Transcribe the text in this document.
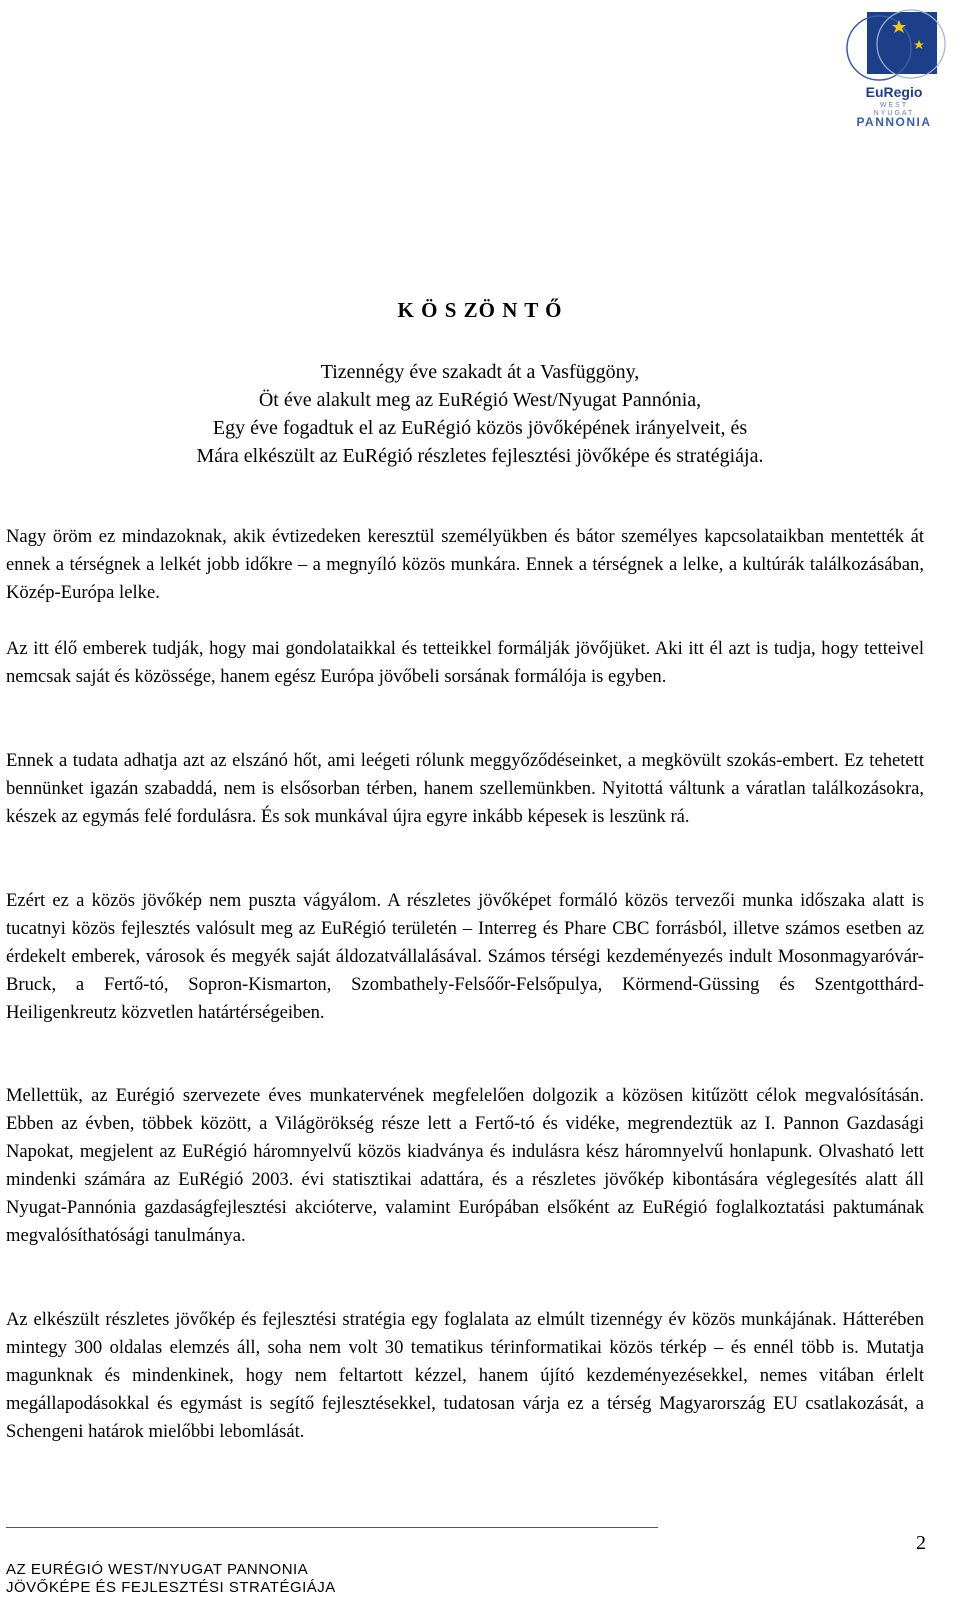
EuRegio
WEST
NYUGAT
PANNONIA
K Ö S ZÖ N T Ő
Tizennégy éve szakadt át a Vasfüggöny,
Öt éve alakult meg az EuRégió West/Nyugat Pannónia,
Egy éve fogadtuk el az EuRégió közös jövőképének irányelveit, és
Mára elkészült az EuRégió részletes fejlesztési jövőképe és stratégiája.

Nagy öröm ez mindazoknak, akik évtizedeken keresztül személyükben és bátor személyes kapcsolataikban mentették át ennek a térségnek a lelkét jobb időkre – a megnyíló közös munkára. Ennek a térségnek a lelke, a kultúrák találkozásában, Közép-Európa lelke.

Az itt élő emberek tudják, hogy mai gondolataikkal és tetteikkel formálják jövőjüket. Aki itt él azt is tudja, hogy tetteivel nemcsak saját és közössége, hanem egész Európa jövőbeli sorsának formálója is egyben.

Ennek a tudata adhatja azt az elszánó hőt, ami leégeti rólunk meggyőződéseinket, a megkövült szokás-embert. Ez tehetett bennünket igazán szabaddá, nem is elsősorban térben, hanem szellemünkben. Nyitottá váltunk a váratlan találkozásokra, készek az egymás felé fordulásra. És sok munkával újra egyre inkább képesek is leszünk rá.

Ezért ez a közös jövőkép nem puszta vágyálom. A részletes jövőképet formáló közös tervezői munka időszaka alatt is tucatnyi közös fejlesztés valósult meg az EuRégió területén – Interreg és Phare CBC forrásból, illetve számos esetben az érdekelt emberek, városok és megyék saját áldozatvállalásával. Számos térségi kezdeményezés indult Mosonmagyaróvár-Bruck, a Fertő-tó, Sopron-Kismarton, Szombathely-Felsőőr-Felsőpulya, Körmend-Güssing és Szentgotthárd-Heiligenkreutz közvetlen határtérségeiben.

Mellettük, az Eurégió szervezete éves munkatervének megfelelően dolgozik a közösen kitűzött célok megvalósításán. Ebben az évben, többek között, a Világörökség része lett a Fertő-tó és vidéke, megrendeztük az I. Pannon Gazdasági Napokat, megjelent az EuRégió háromnyelvű közös kiadványa és indulásra kész háromnyelvű honlapunk. Olvasható lett mindenki számára az EuRégió 2003. évi statisztikai adattára, és a részletes jövőkép kibontására véglegesítés alatt áll Nyugat-Pannónia gazdaságfejlesztési akcióterve, valamint Európában elsőként az EuRégió foglalkoztatási paktumának megvalósíthatósági tanulmánya.

Az elkészült részletes jövőkép és fejlesztési stratégia egy foglalata az elmúlt tizennégy év közös munkájának. Hátterében mintegy 300 oldalas elemzés áll, soha nem volt 30 tematikus térinformatikai közös térkép – és ennél több is. Mutatja magunknak és mindenkinek, hogy nem feltartott kézzel, hanem újító kezdeményezésekkel, nemes vitában érlelt megállapodásokkal és egymást is segítő fejlesztésekkel, tudatosan várja ez a térség Magyarország EU csatlakozását, a Schengeni határok mielőbbi lebomlását.

2
AZ EURÉGIÓ WEST/NYUGAT PANNONIA
JÖVŐKÉPE ÉS FEJLESZTÉSI STRATÉGIÁJA
